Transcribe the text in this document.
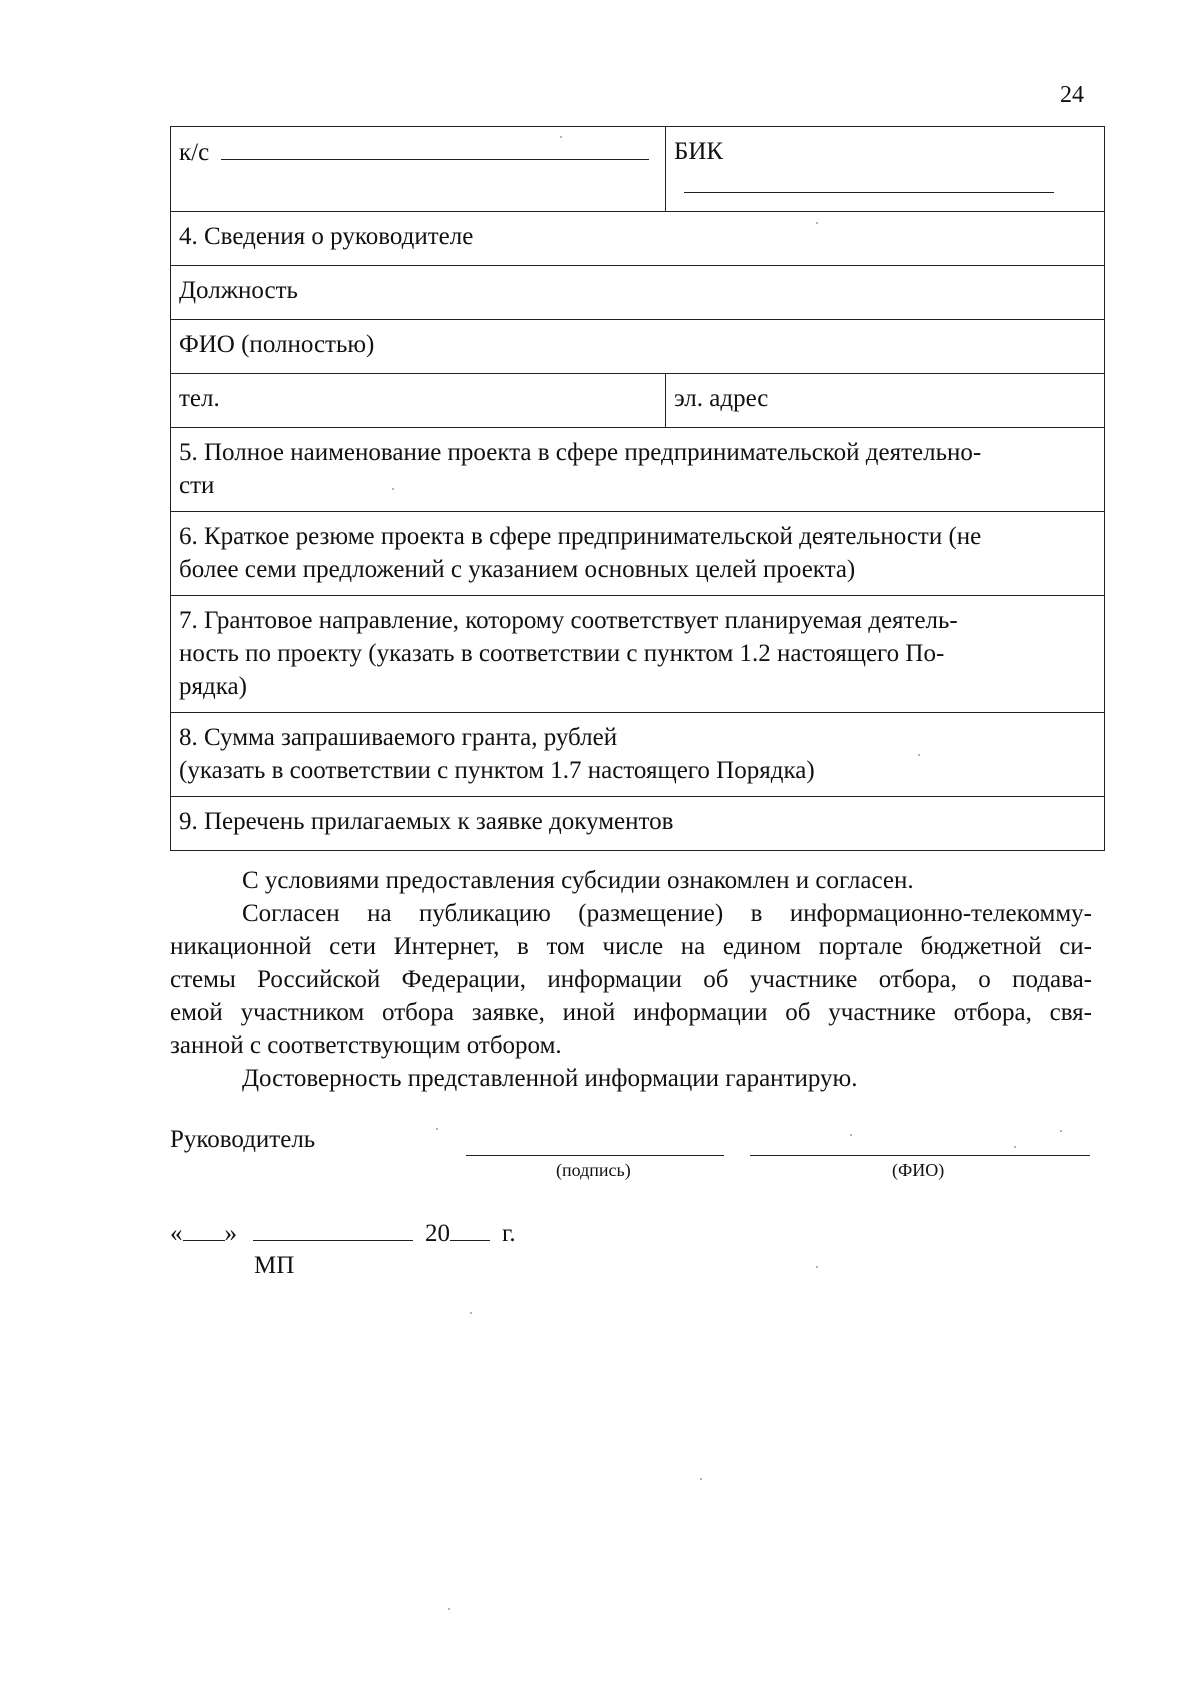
24
к/с	БИК
4. Сведения о руководителе	
Должность	
ФИО (полностью)	
тел.	эл. адрес

5. Полное наименование проекта в сфере предпринимательской деятельно-
сти	

6. Краткое резюме проекта в сфере предпринимательской деятельности (не
более семи предложений с указанием основных целей проекта)	

7. Грантовое направление, которому соответствует планируемая деятель-
ность по проекту (указать в соответствии с пунктом 1.2 настоящего По-
рядка)	

8. Сумма запрашиваемого гранта, рублей
(указать в соответствии с пунктом 1.7 настоящего Порядка)	

9. Перечень прилагаемых к заявке документов	

С условиями предоставления субсидии ознакомлен и согласен.

Согласен на публикацию (размещение) в информационно-телекомму-

никационной сети Интернет, в том числе на едином портале бюджетной си-
стемы Российской Федерации, информации об участнике отбора, о подава-
емой участником отбора заявке, иной информации об участнике отбора, свя-
занной с соответствующим отбором.

Достоверность представленной информации гарантирую.

Руководитель
(подпись)	(ФИО)
« »	20 г.
МП
